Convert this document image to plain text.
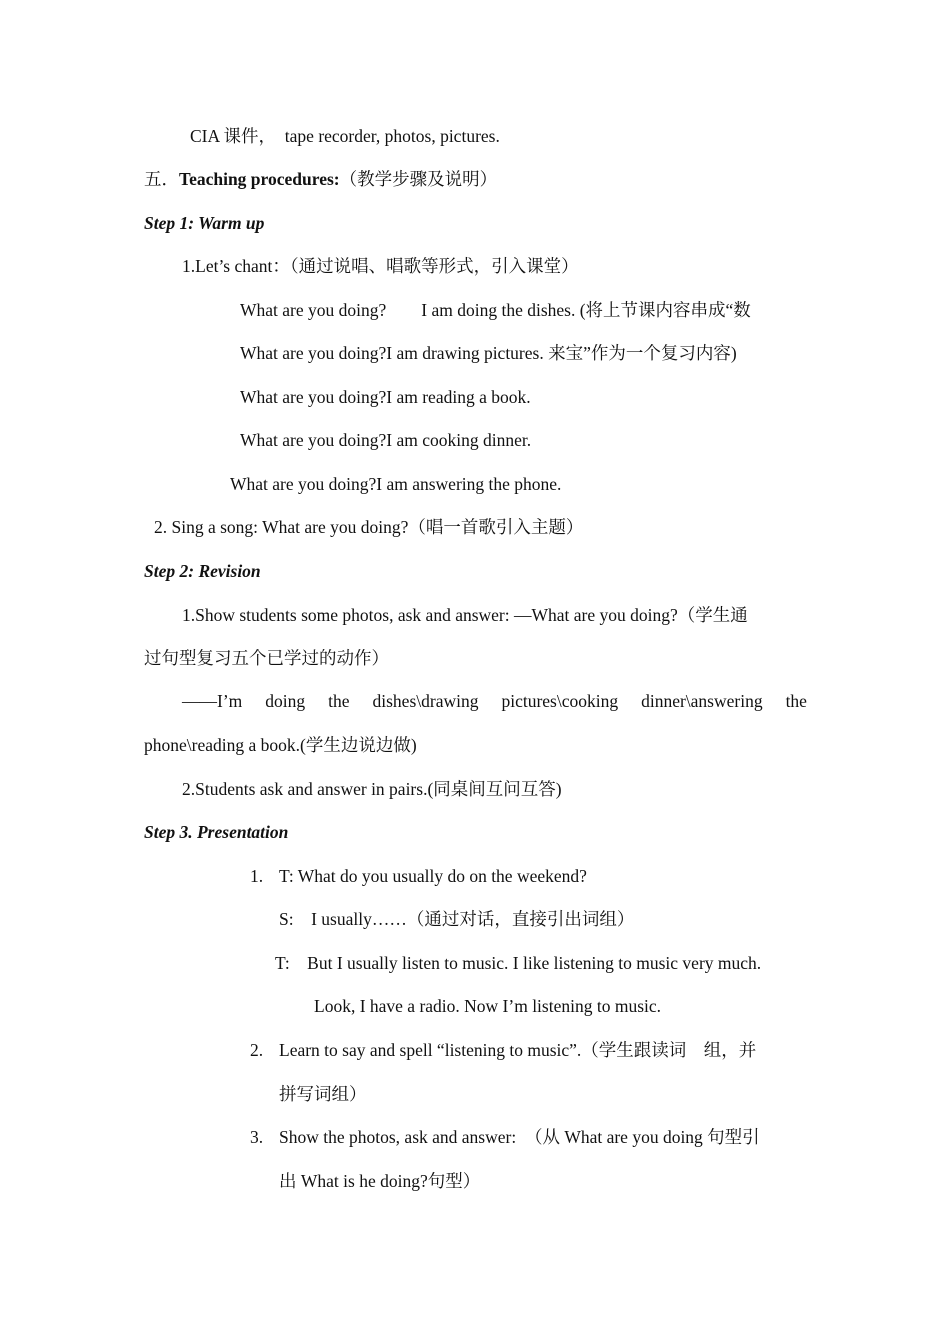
CIA 课件，　tape recorder, photos, pictures.
五．Teaching procedures:（教学步骤及说明）
Step 1: Warm up
1.Let’s chant：（通过说唱、唱歌等形式，引入课堂）
What are you doing?　　I am doing the dishes. (将上节课内容串成“数
What are you doing?I am drawing pictures. 来宝”作为一个复习内容)
What are you doing?I am reading a book.
What are you doing?I am cooking dinner.
What are you doing?I am answering the phone.
2. Sing a song: What are you doing?（唱一首歌引入主题）
Step 2: Revision
1.Show students some photos, ask and answer: —What are you doing?（学生通
过句型复习五个已学过的动作）
——I’m doing the dishes\drawing pictures\cooking dinner\answering the
phone\reading a book.(学生边说边做)
2.Students ask and answer in pairs.(同桌间互问互答)
Step 3. Presentation
1. T: What do you usually do on the weekend?
S:　I usually……（通过对话，直接引出词组）
T:　But I usually listen to music. I like listening to music very much.
Look, I have a radio. Now I’m listening to music.
2. Learn to say and spell “listening to music”.（学生跟读词　组，并
拼写词组）
3. Show the photos, ask and answer:　（从 What are you doing 句型引
出 What is he doing?句型）
